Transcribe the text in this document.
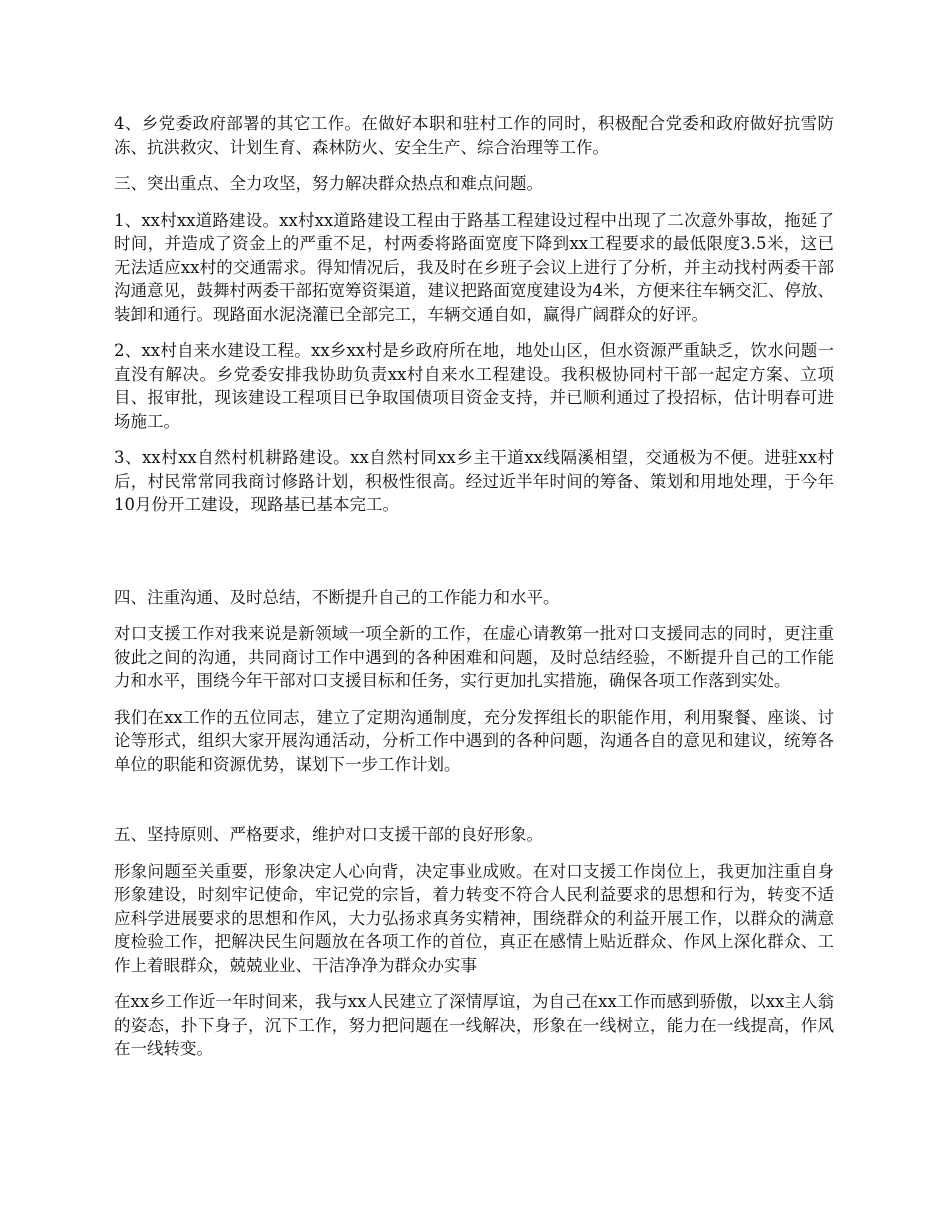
4、乡党委政府部署的其它工作。在做好本职和驻村工作的同时，积极配合党委和政府做好抗雪防冻、抗洪救灾、计划生育、森林防火、安全生产、综合治理等工作。

三、突出重点、全力攻坚，努力解决群众热点和难点问题。

1、xx村xx道路建设。xx村xx道路建设工程由于路基工程建设过程中出现了二次意外事故，拖延了时间，并造成了资金上的严重不足，村两委将路面宽度下降到xx工程要求的最低限度3.5米，这已无法适应xx村的交通需求。得知情况后，我及时在乡班子会议上进行了分析，并主动找村两委干部沟通意见，鼓舞村两委干部拓宽筹资渠道，建议把路面宽度建设为4米，方便来往车辆交汇、停放、装卸和通行。现路面水泥浇灌已全部完工，车辆交通自如，赢得广阔群众的好评。

2、xx村自来水建设工程。xx乡xx村是乡政府所在地，地处山区，但水资源严重缺乏，饮水问题一直没有解决。乡党委安排我协助负责xx村自来水工程建设。我积极协同村干部一起定方案、立项目、报审批，现该建设工程项目已争取国债项目资金支持，并已顺利通过了投招标，估计明春可进场施工。

3、xx村xx自然村机耕路建设。xx自然村同xx乡主干道xx线隔溪相望，交通极为不便。进驻xx村后，村民常常同我商讨修路计划，积极性很高。经过近半年时间的筹备、策划和用地处理，于今年10月份开工建设，现路基已基本完工。

四、注重沟通、及时总结，不断提升自己的工作能力和水平。

对口支援工作对我来说是新领域一项全新的工作，在虚心请教第一批对口支援同志的同时，更注重彼此之间的沟通，共同商讨工作中遇到的各种困难和问题，及时总结经验，不断提升自己的工作能力和水平，围绕今年干部对口支援目标和任务，实行更加扎实措施，确保各项工作落到实处。

我们在xx工作的五位同志，建立了定期沟通制度，充分发挥组长的职能作用，利用聚餐、座谈、讨论等形式，组织大家开展沟通活动，分析工作中遇到的各种问题，沟通各自的意见和建议，统筹各单位的职能和资源优势，谋划下一步工作计划。

五、坚持原则、严格要求，维护对口支援干部的良好形象。

形象问题至关重要，形象决定人心向背，决定事业成败。在对口支援工作岗位上，我更加注重自身形象建设，时刻牢记使命，牢记党的宗旨，着力转变不符合人民利益要求的思想和行为，转变不适应科学进展要求的思想和作风，大力弘扬求真务实精神，围绕群众的利益开展工作，以群众的满意度检验工作，把解决民生问题放在各项工作的首位，真正在感情上贴近群众、作风上深化群众、工作上着眼群众，兢兢业业、干洁净净为群众办实事

在xx乡工作近一年时间来，我与xx人民建立了深情厚谊，为自己在xx工作而感到骄傲，以xx主人翁的姿态，扑下身子，沉下工作，努力把问题在一线解决，形象在一线树立，能力在一线提高，作风在一线转变。
